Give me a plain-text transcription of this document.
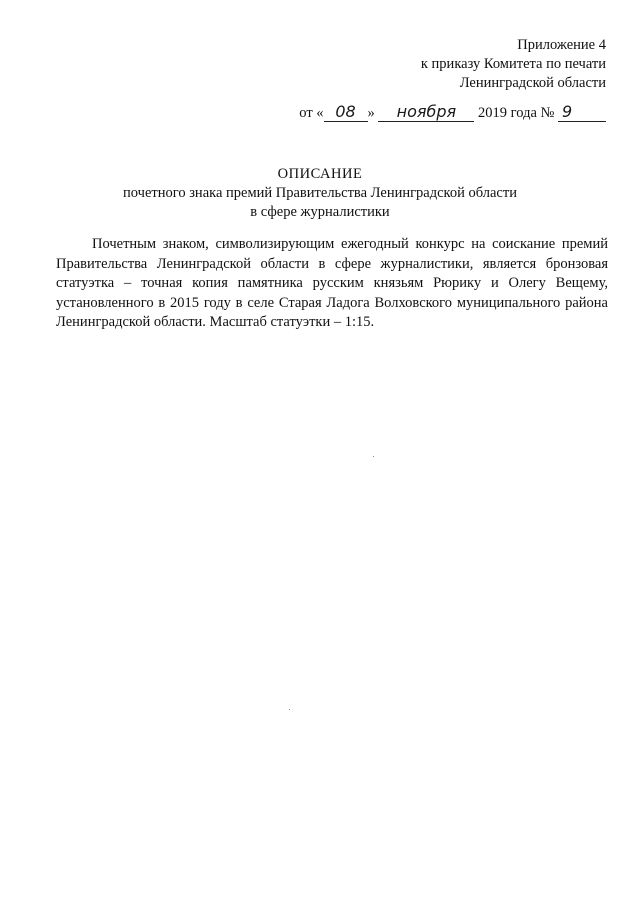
Приложение 4
к приказу Комитета по печати
Ленинградской области
от « 08 » ноября 2019 года № 9
ОПИСАНИЕ
почетного знака премий Правительства Ленинградской области
в сфере журналистики
Почетным знаком, символизирующим ежегодный конкурс на соискание премий Правительства Ленинградской области в сфере журналистики, является бронзовая статуэтка – точная копия памятника русским князьям Рюрику и Олегу Вещему, установленного в 2015 году в селе Старая Ладога Волховского муниципального района Ленинградской области. Масштаб статуэтки – 1:15.
